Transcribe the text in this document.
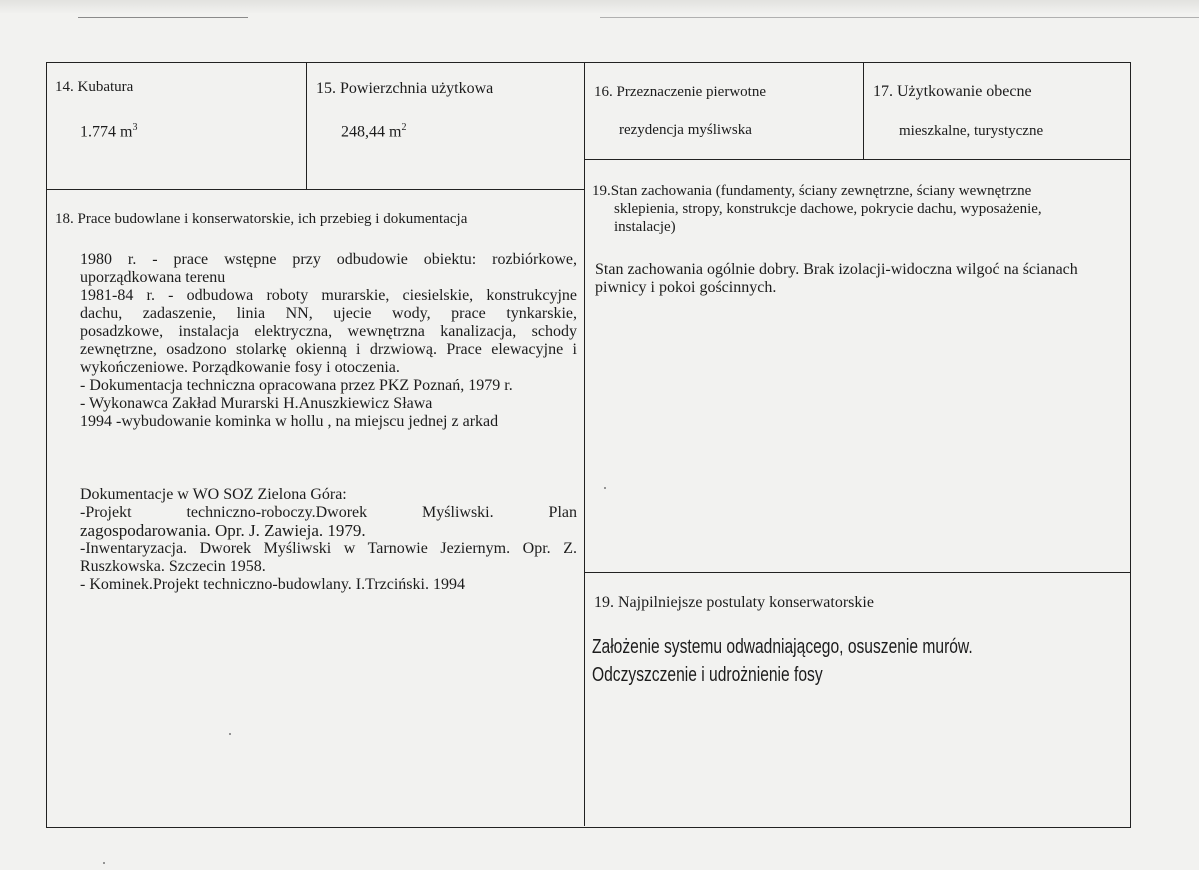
14. Kubatura
1.774 $m^3$
15. Powierzchnia użytkowa
248,44 $m^2$
16. Przeznaczenie pierwotne
rezydencja myśliwska
17. Użytkowanie obecne
mieszkalne, turystyczne
18. Prace budowlane i konserwatorskie, ich przebieg i dokumentacja
1980 r. - prace wstępne przy odbudowie obiektu: rozbiórkowe,
uporządkowana terenu
1981-84 r. - odbudowa roboty murarskie, ciesielskie, konstrukcyjne
dachu, zadaszenie, linia NN, ujecie wody, prace tynkarskie,
posadzkowe, instalacja elektryczna, wewnętrzna kanalizacja, schody
zewnętrzne, osadzono stolarkę okienną i drzwiową. Prace elewacyjne i
wykończeniowe. Porządkowanie fosy i otoczenia.
- Dokumentacja techniczna opracowana przez PKZ Poznań, 1979 r.
- Wykonawca Zakład Murarski H.Anuszkiewicz Sława
1994 -wybudowanie kominka w hollu , na miejscu jednej z arkad
Dokumentacje w WO SOZ Zielona Góra:
-Projekt techniczno-roboczy.Dworek Myśliwski. Plan
zagospodarowania. Opr. J. Zawieja. 1979.
-Inwentaryzacja. Dworek Myśliwski w Tarnowie Jeziernym. Opr. Z.
Ruszkowska. Szczecin 1958.
- Kominek.Projekt techniczno-budowlany. I.Trzciński. 1994
19.Stan zachowania (fundamenty, ściany zewnętrzne, ściany wewnętrzne
sklepienia, stropy, konstrukcje dachowe, pokrycie dachu, wyposażenie,
instalacje)
Stan zachowania ogólnie dobry. Brak izolacji-widoczna wilgoć na ścianach
piwnicy i pokoi gościnnych.
19. Najpilniejsze postulaty konserwatorskie
Założenie systemu odwadniającego, osuszenie murów.
Odczyszczenie i udrożnienie fosy
